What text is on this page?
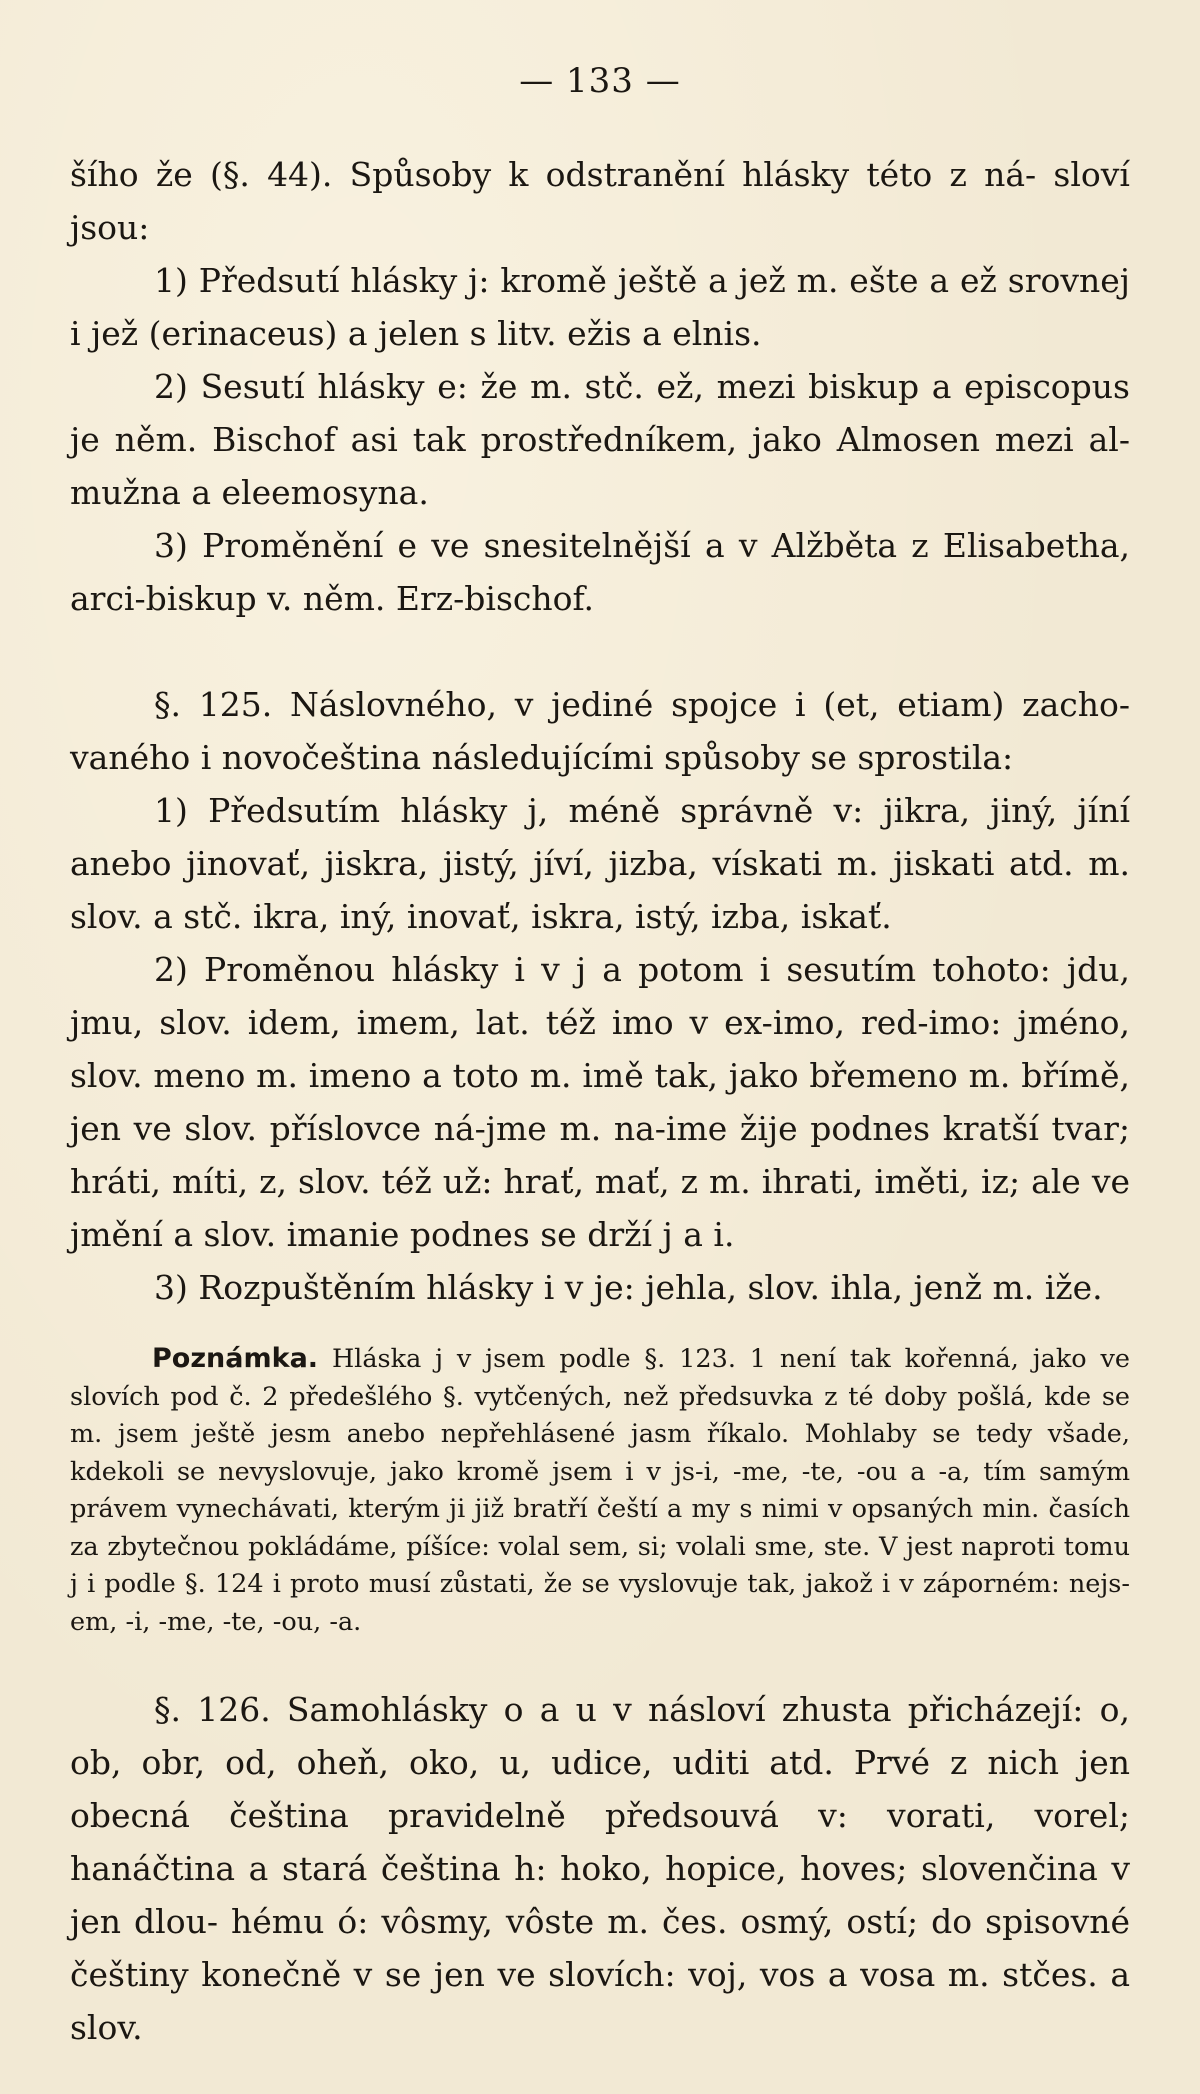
— 133 —

šího že (§. 44). Spůsoby k odstranění hlásky této z ná- sloví jsou:

1) Předsutí hlásky j: kromě ještě a jež m. ešte a ež srovnej i jež (erinaceus) a jelen s litv. ežis a elnis.

2) Sesutí hlásky e: že m. stč. ež, mezi biskup a episcopus je něm. Bischof asi tak prostředníkem, jako Almosen mezi al- mužna a eleemosyna.

3) Proměnění e ve snesitelnější a v Alžběta z Elisabetha, arci-biskup v. něm. Erz-bischof.

§. 125. Náslovného, v jediné spojce i (et, etiam) zacho- vaného i novočeština následujícími spůsoby se sprostila:

1) Předsutím hlásky j, méně správně v: jikra, jiný, jíní anebo jinovať, jiskra, jistý, jíví, jizba, vískati m. jiskati atd. m. slov. a stč. ikra, iný, inovať, iskra, istý, izba, iskať.

2) Proměnou hlásky i v j a potom i sesutím tohoto: jdu, jmu, slov. idem, imem, lat. též imo v ex-imo, red-imo: jméno, slov. meno m. imeno a toto m. imě tak, jako břemeno m. břímě, jen ve slov. příslovce ná-jme m. na-ime žije podnes kratší tvar; hráti, míti, z, slov. též už: hrať, mať, z m. ihrati, iměti, iz; ale ve jmění a slov. imanie podnes se drží j a i.

3) Rozpuštěním hlásky i v je: jehla, slov. ihla, jenž m. iže.

Poznámka. Hláska j v jsem podle §. 123. 1 není tak kořenná, jako ve slovích pod č. 2 předešlého §. vytčených, než předsuvka z té doby pošlá, kde se m. jsem ještě jesm anebo nepřehlásené jasm říkalo. Mohlaby se tedy všade, kdekoli se nevyslovuje, jako kromě jsem i v js-i, -me, -te, -ou a -a, tím samým právem vynechávati, kterým ji již bratří čeští a my s nimi v opsaných min. časích za zbytečnou pokládáme, píšíce: volal sem, si; volali sme, ste. V jest naproti tomu j i podle §. 124 i proto musí zůstati, že se vyslovuje tak, jakož i v záporném: nejs-em, -i, -me, -te, -ou, -a.

§. 126. Samohlásky o a u v násloví zhusta přicházejí: o, ob, obr, od, oheň, oko, u, udice, uditi atd. Prvé z nich jen obecná čeština pravidelně předsouvá v: vorati, vorel; hanáčtina a stará čeština h: hoko, hopice, hoves; slovenčina v jen dlou- hému ó: vôsmy, vôste m. čes. osmý, ostí; do spisovné češtiny konečně v se jen ve slovích: voj, vos a vosa m. stčes. a slov.
